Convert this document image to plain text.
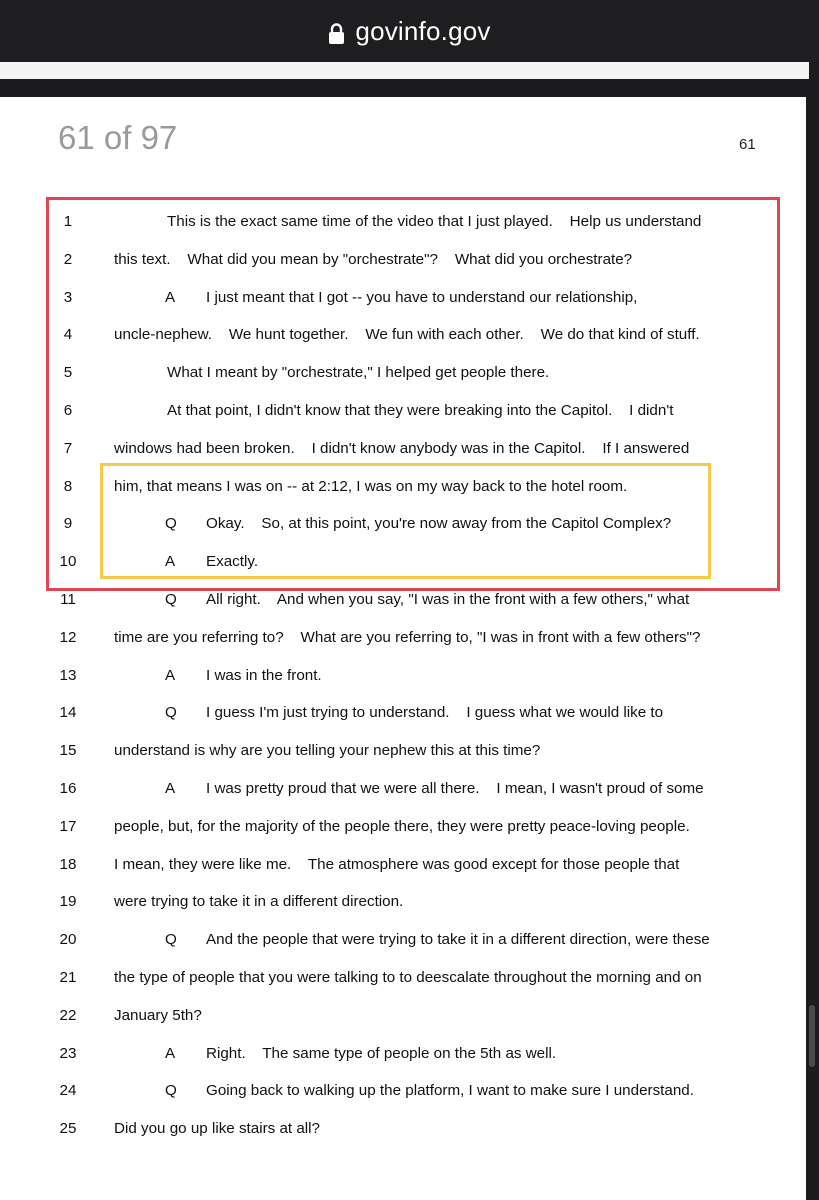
govinfo.gov
61 of 97	61
1	This is the exact same time of the video that I just played.    Help us understand
2	this text.    What did you mean by "orchestrate"?    What did you orchestrate?
3	A I just meant that I got -- you have to understand our relationship,
4	uncle-nephew.    We hunt together.    We fun with each other.    We do that kind of stuff.
5	What I meant by "orchestrate," I helped get people there.
6	At that point, I didn't know that they were breaking into the Capitol.    I didn't
7	windows had been broken.    I didn't know anybody was in the Capitol.    If I answered
8	him, that means I was on -- at 2:12, I was on my way back to the hotel room.
9	Q Okay.    So, at this point, you're now away from the Capitol Complex?
10	A Exactly.
11	Q All right.    And when you say, "I was in the front with a few others," what
12	time are you referring to?    What are you referring to, "I was in front with a few others"?
13	A I was in the front.
14	Q I guess I'm just trying to understand.    I guess what we would like to
15	understand is why are you telling your nephew this at this time?
16	A I was pretty proud that we were all there.    I mean, I wasn't proud of some
17	people, but, for the majority of the people there, they were pretty peace-loving people.
18	I mean, they were like me.    The atmosphere was good except for those people that
19	were trying to take it in a different direction.
20	Q And the people that were trying to take it in a different direction, were these
21	the type of people that you were talking to to deescalate throughout the morning and on
22	January 5th?
23	A Right.    The same type of people on the 5th as well.
24	Q Going back to walking up the platform, I want to make sure I understand.
25	Did you go up like stairs at all?
